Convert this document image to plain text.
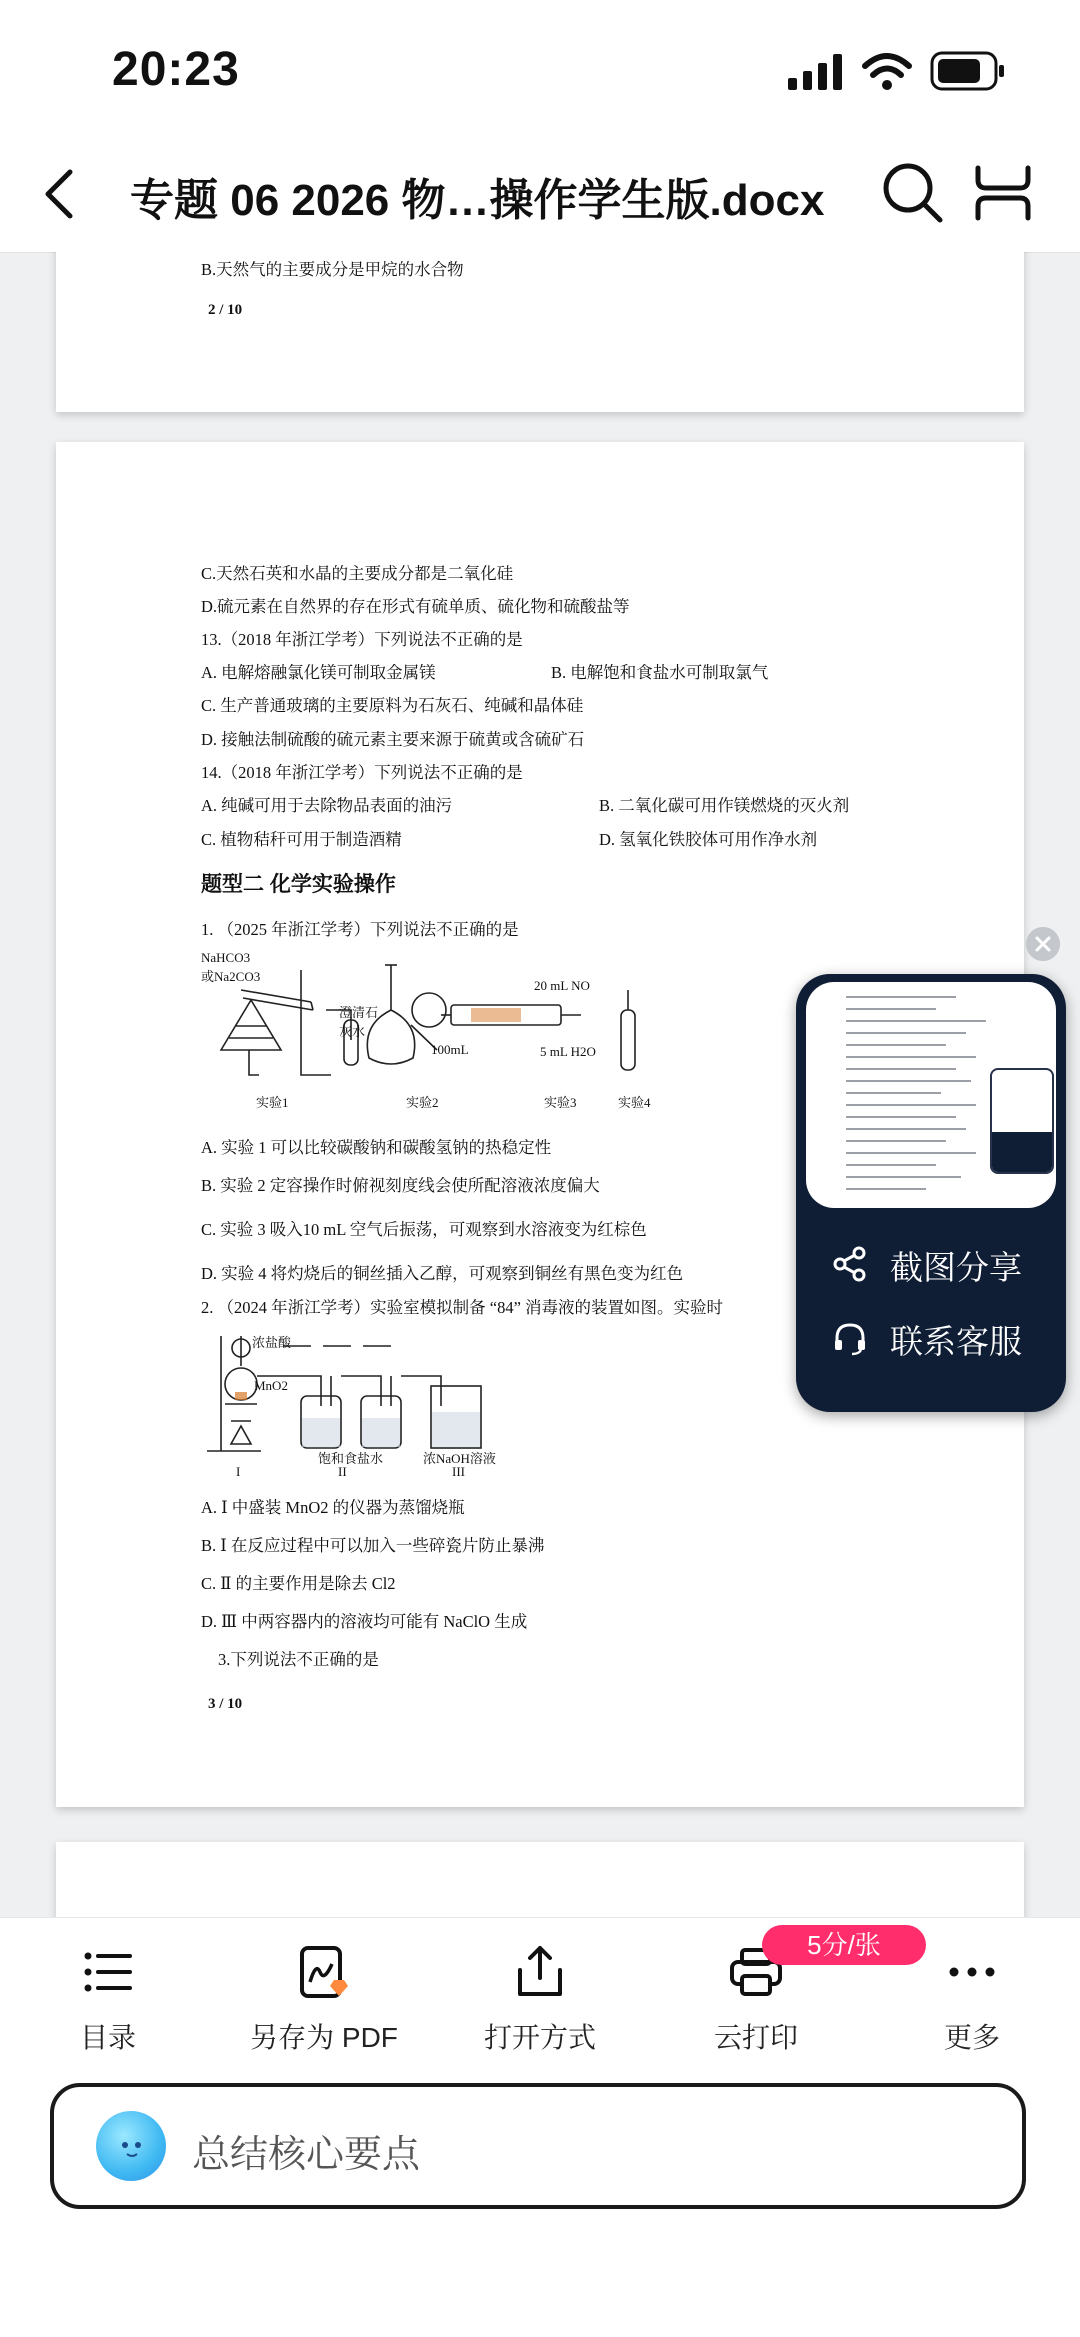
20:23
专题 06 2026 物…操作学生版.docx
B.天然气的主要成分是甲烷的水合物
2 / 10
C.天然石英和水晶的主要成分都是二氧化硅
D.硫元素在自然界的存在形式有硫单质、硫化物和硫酸盐等
13.（2018 年浙江学考）下列说法不正确的是
A. 电解熔融氯化镁可制取金属镁	B. 电解饱和食盐水可制取氯气
C. 生产普通玻璃的主要原料为石灰石、纯碱和晶体硅
D. 接触法制硫酸的硫元素主要来源于硫黄或含硫矿石
14.（2018 年浙江学考）下列说法不正确的是
A. 纯碱可用于去除物品表面的油污	B. 二氧化碳可用作镁燃烧的灭火剂
C. 植物秸秆可用于制造酒精	D. 氢氧化铁胶体可用作净水剂
题型二 化学实验操作
1. （2025 年浙江学考）下列说法不正确的是
NaHCO3
或Na2CO3
澄清石灰水
100mL
20 mL NO
5 mL H2O
实验1	实验2	实验3	实验4
A. 实验 1 可以比较碳酸钠和碳酸氢钠的热稳定性
B. 实验 2 定容操作时俯视刻度线会使所配溶液浓度偏大
C. 实验 3 吸入10 mL 空气后振荡，可观察到水溶液变为红棕色
D. 实验 4 将灼烧后的铜丝插入乙醇，可观察到铜丝有黑色变为红色
2. （2024 年浙江学考）实验室模拟制备 “84” 消毒液的装置如图。实验时
浓盐酸
MnO2
饱和食盐水	浓NaOH溶液
I	II	III
A. Ⅰ 中盛装 MnO2 的仪器为蒸馏烧瓶
B. Ⅰ 在反应过程中可以加入一些碎瓷片防止暴沸
C. Ⅱ 的主要作用是除去 Cl2
D. Ⅲ 中两容器内的溶液均可能有 NaClO 生成
3.下列说法不正确的是
3 / 10
截图分享
联系客服
目录	另存为 PDF	打开方式	云打印	更多
5分/张
总结核心要点
